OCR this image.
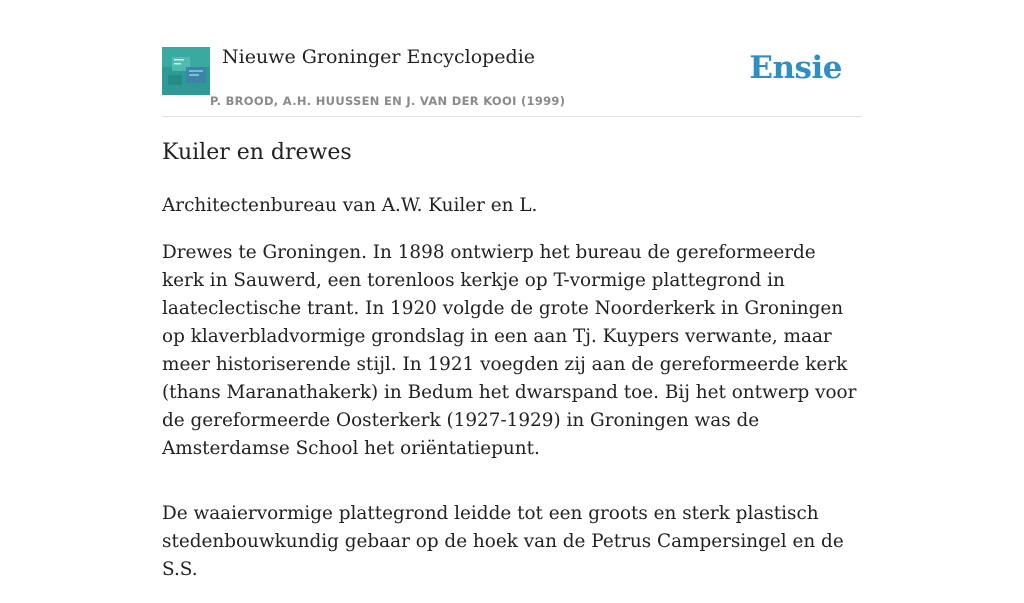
Nieuwe Groninger Encyclopedie
P. BROOD, A.H. HUUSSEN EN J. VAN DER KOOI (1999)
Ensie
Kuiler en drewes

Architectenbureau van A.W. Kuiler en L.

Drewes te Groningen. In 1898 ontwierp het bureau de gereformeerde kerk in Sauwerd, een torenloos kerkje op T-vormige plattegrond in laateclectische trant. In 1920 volgde de grote Noorderkerk in Groningen op klaverbladvormige grondslag in een aan Tj. Kuypers verwante, maar meer historiserende stijl. In 1921 voegden zij aan de gereformeerde kerk (thans Maranathakerk) in Bedum het dwarspand toe. Bij het ontwerp voor de gereformeerde Oosterkerk (1927-1929) in Groningen was de Amsterdamse School het oriëntatiepunt.

De waaiervormige plattegrond leidde tot een groots en sterk plastisch stedenbouwkundig gebaar op de hoek van de Petrus Campersingel en de S.S.
